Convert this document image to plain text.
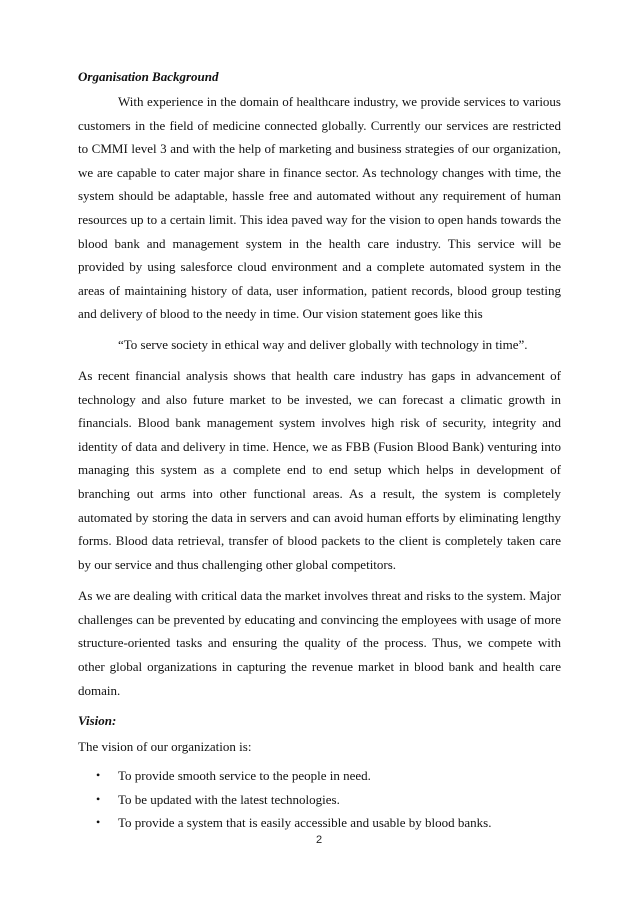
Organisation Background

With experience in the domain of healthcare industry, we provide services to various customers in the field of medicine connected globally. Currently our services are restricted to CMMI level 3 and with the help of marketing and business strategies of our organization, we are capable to cater major share in finance sector. As technology changes with time, the system should be adaptable, hassle free and automated without any requirement of human resources up to a certain limit. This idea paved way for the vision to open hands towards the blood bank and management system in the health care industry. This service will be provided by using salesforce cloud environment and a complete automated system in the areas of maintaining history of data, user information, patient records, blood group testing and delivery of blood to the needy in time. Our vision statement goes like this

“To serve society in ethical way and deliver globally with technology in time”.

As recent financial analysis shows that health care industry has gaps in advancement of technology and also future market to be invested, we can forecast a climatic growth in financials. Blood bank management system involves high risk of security, integrity and identity of data and delivery in time. Hence, we as FBB (Fusion Blood Bank) venturing into managing this system as a complete end to end setup which helps in development of branching out arms into other functional areas. As a result, the system is completely automated by storing the data in servers and can avoid human efforts by eliminating lengthy forms. Blood data retrieval, transfer of blood packets to the client is completely taken care by our service and thus challenging other global competitors.

As we are dealing with critical data the market involves threat and risks to the system. Major challenges can be prevented by educating and convincing the employees with usage of more structure-oriented tasks and ensuring the quality of the process. Thus, we compete with other global organizations in capturing the revenue market in blood bank and health care domain.

Vision:

The vision of our organization is:

• To provide smooth service to the people in need.
• To be updated with the latest technologies.
• To provide a system that is easily accessible and usable by blood banks.
2
